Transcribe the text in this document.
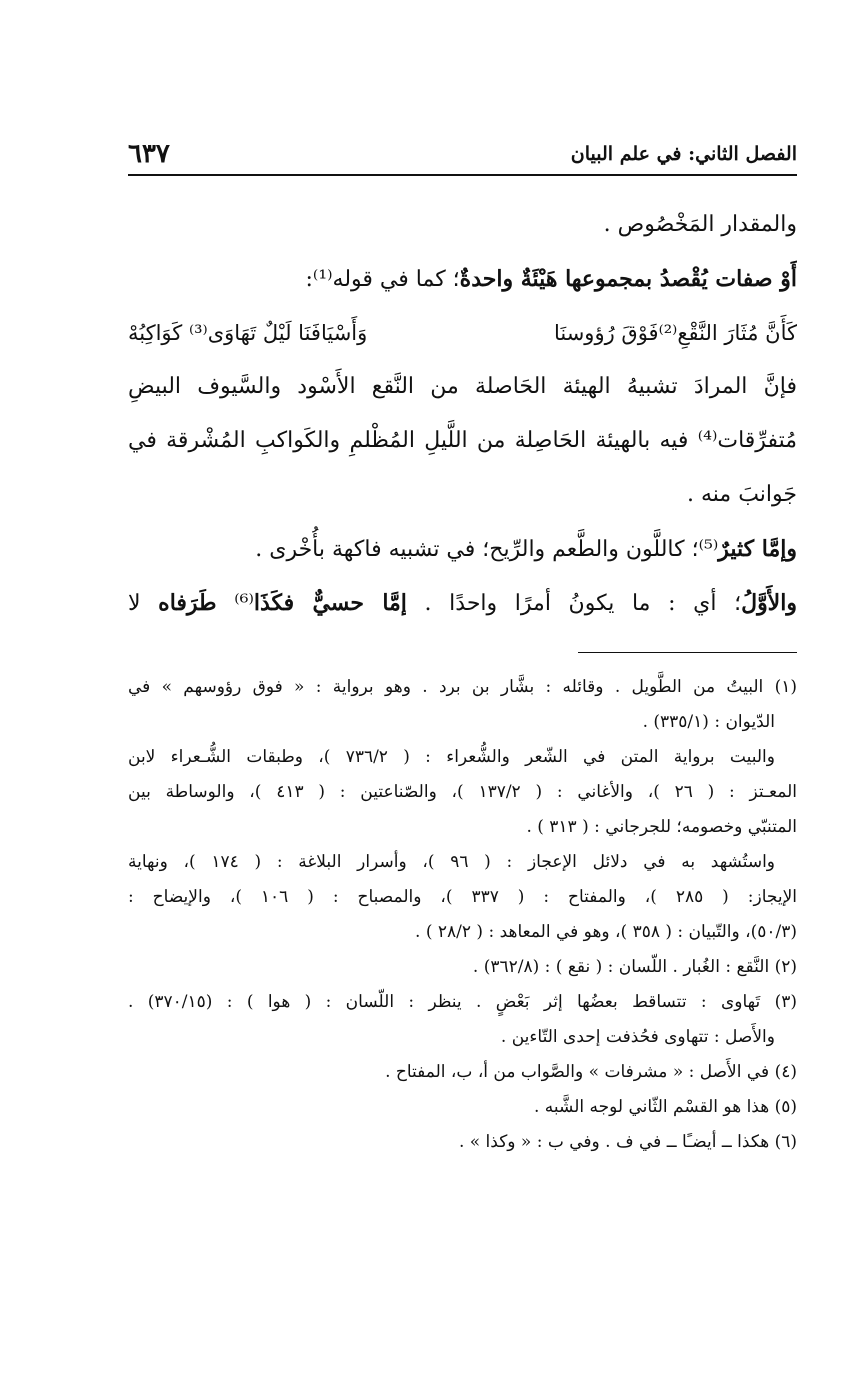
الفصل الثاني: في علم البيان
٦٣٧
والمقدار المَخْصُوص .
أَوْ صفات يُقْصدُ بمجموعها هَيْئَةٌ واحدةٌ؛ كما في قوله⁽¹⁾:
كَأَنَّ مُثَارَ النَّقْعِ⁽²⁾فَوْقَ رُؤوسنَا
وَأَسْيَافَنَا لَيْلٌ تَهَاوَى⁽³⁾ كَوَاكِبُهْ
فإنَّ المرادَ تشبيهُ الهيئة الحَاصلة من النَّقع الأَسْود والسَّيوف البيضِ
مُتفرِّقات⁽⁴⁾ فيه بالهيئة الحَاصِلة من اللَّيلِ المُظْلمِ والكَواكبِ المُشْرقة في
جَوانبَ منه .
وإمَّا كثيرٌ⁽⁵⁾؛ كاللَّون والطَّعم والرِّيح؛ في تشبيه فاكهة بأُخْرى .
والأَوَّلُ؛ أي : ما يكونُ أمرًا واحدًا . إمَّا حسيٌّ فكَذَا⁽⁶⁾ طَرَفاه لا
(١) البيتُ من الطَّويل . وقائله : بشَّار بن برد . وهو برواية : « فوق رؤوسهم » في
الدّيوان : (٣٣٥/١) .
والبيت برواية المتن في الشّعر والشُّعراء : ( ٧٣٦/٢ )، وطبقات الشُّـعراء لابن
المعـتز : ( ٢٦ )، والأغاني : ( ١٣٧/٢ )، والصّناعتين : ( ٤١٣ )، والوساطة بين
المتنبّي وخصومه؛ للجرجاني : ( ٣١٣ ) .
واستُشهد به في دلائل الإعجاز : ( ٩٦ )، وأسرار البلاغة : ( ١٧٤ )، ونهاية
الإيجاز: ( ٢٨٥ )، والمفتاح : ( ٣٣٧ )، والمصباح : ( ١٠٦ )، والإيضاح :
(٥٠/٣)، والتّبيان : ( ٣٥٨ )، وهو في المعاهد : ( ٢٨/٢ ) .
(٢) النَّقع : الغُبار . اللّسان : ( نقع ) : (٣٦٢/٨) .
(٣) تَهاوى : تتساقط بعضُها إثر بَعْضٍ . ينظر : اللّسان : ( هوا ) : (٣٧٠/١٥) .
والأَصل : تتهاوى فحُذفت إحدى التّاءين .
(٤) في الأَصل : « مشرفات » والصَّواب من أ، ب، المفتاح .
(٥) هذا هو القسْم الثّاني لوجه الشَّبه .
(٦) هكذا ــ أيضـًا ــ في ف . وفي ب : « وكذا » .
